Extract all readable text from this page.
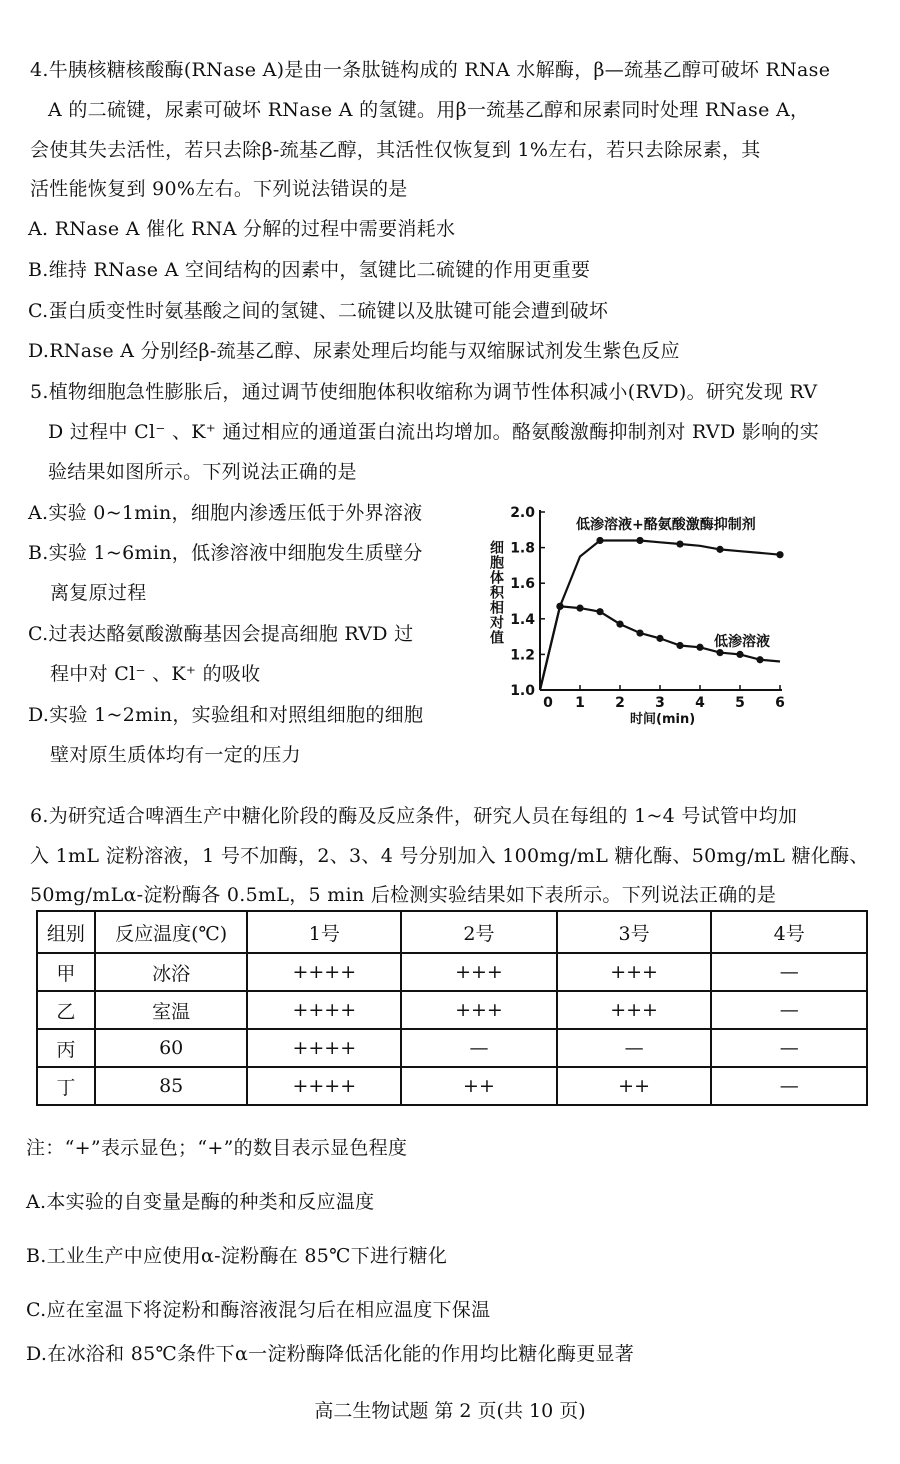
4.牛胰核糖核酸酶(RNase A)是由一条肽链构成的 RNA 水解酶，β—巯基乙醇可破坏 RNase
A 的二硫键，尿素可破坏 RNase A 的氢键。用β一巯基乙醇和尿素同时处理 RNase A，
会使其失去活性，若只去除β-巯基乙醇，其活性仅恢复到 1%左右，若只去除尿素，其
活性能恢复到 90%左右。下列说法错误的是
A. RNase A 催化 RNA 分解的过程中需要消耗水
B.维持 RNase A 空间结构的因素中，氢键比二硫键的作用更重要
C.蛋白质变性时氨基酸之间的氢键、二硫键以及肽键可能会遭到破坏
D.RNase A 分别经β-巯基乙醇、尿素处理后均能与双缩脲试剂发生紫色反应
5.植物细胞急性膨胀后，通过调节使细胞体积收缩称为调节性体积减小(RVD)。研究发现 RV
D 过程中 Cl⁻ 、K⁺ 通过相应的通道蛋白流出均增加。酪氨酸激酶抑制剂对 RVD 影响的实
验结果如图所示。下列说法正确的是
A.实验 0~1min，细胞内渗透压低于外界溶液
B.实验 1~6min，低渗溶液中细胞发生质壁分
离复原过程
C.过表达酪氨酸激酶基因会提高细胞 RVD 过
程中对 Cl⁻ 、K⁺ 的吸收
D.实验 1~2min，实验组和对照组细胞的细胞
壁对原生质体均有一定的压力
1.0
1.2
1.4
1.6
1.8
2.0
0 1 2 3 4 5 6
细胞体积相对值
时间(min)
低渗溶液+酪氨酸激酶抑制剂
低渗溶液
6.为研究适合啤酒生产中糖化阶段的酶及反应条件，研究人员在每组的 1~4 号试管中均加
入 1mL 淀粉溶液，1 号不加酶，2、3、4 号分别加入 100mg/mL 糖化酶、50mg/mL 糖化酶、
50mg/mLα-淀粉酶各 0.5mL，5 min 后检测实验结果如下表所示。下列说法正确的是
组别	反应温度(℃)	1号	2号	3号	4号
甲	冰浴	++++	+++	+++	—
乙	室温	++++	+++	+++	—
丙	60	++++	—	—	—
丁	85	++++	++	++	—
注：“+”表示显色；“+”的数目表示显色程度
A.本实验的自变量是酶的种类和反应温度
B.工业生产中应使用α-淀粉酶在 85℃下进行糖化
C.应在室温下将淀粉和酶溶液混匀后在相应温度下保温
D.在冰浴和 85℃条件下α一淀粉酶降低活化能的作用均比糖化酶更显著
高二生物试题 第 2 页(共 10 页)
